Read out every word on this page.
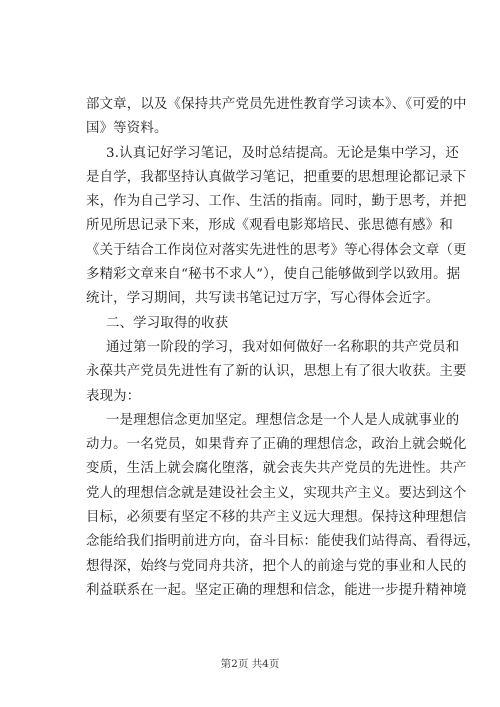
部文章，以及《保持共产党员先进性教育学习读本》、《可爱的中
国》等资料。
3.认真记好学习笔记，及时总结提高。无论是集中学习，还
是自学，我都坚持认真做学习笔记，把重要的思想理论都记录下
来，作为自己学习、工作、生活的指南。同时，勤于思考，并把
所见所思记录下来，形成《观看电影郑培民、张思德有感》和
《关于结合工作岗位对落实先进性的思考》等心得体会文章（更
多精彩文章来自“秘书不求人”），使自己能够做到学以致用。据
统计，学习期间，共写读书笔记过万字，写心得体会近字。
二、学习取得的收获
通过第一阶段的学习，我对如何做好一名称职的共产党员和
永葆共产党员先进性有了新的认识，思想上有了很大收获。主要
表现为：
一是理想信念更加坚定。理想信念是一个人是人成就事业的
动力。一名党员，如果背弃了正确的理想信念，政治上就会蜕化
变质，生活上就会腐化堕落，就会丧失共产党员的先进性。共产
党人的理想信念就是建设社会主义，实现共产主义。要达到这个
目标，必须要有坚定不移的共产主义远大理想。保持这种理想信
念能给我们指明前进方向，奋斗目标：能使我们站得高、看得远，
想得深，始终与党同舟共济，把个人的前途与党的事业和人民的
利益联系在一起。坚定正确的理想和信念，能进一步提升精神境
第2页 共4页
